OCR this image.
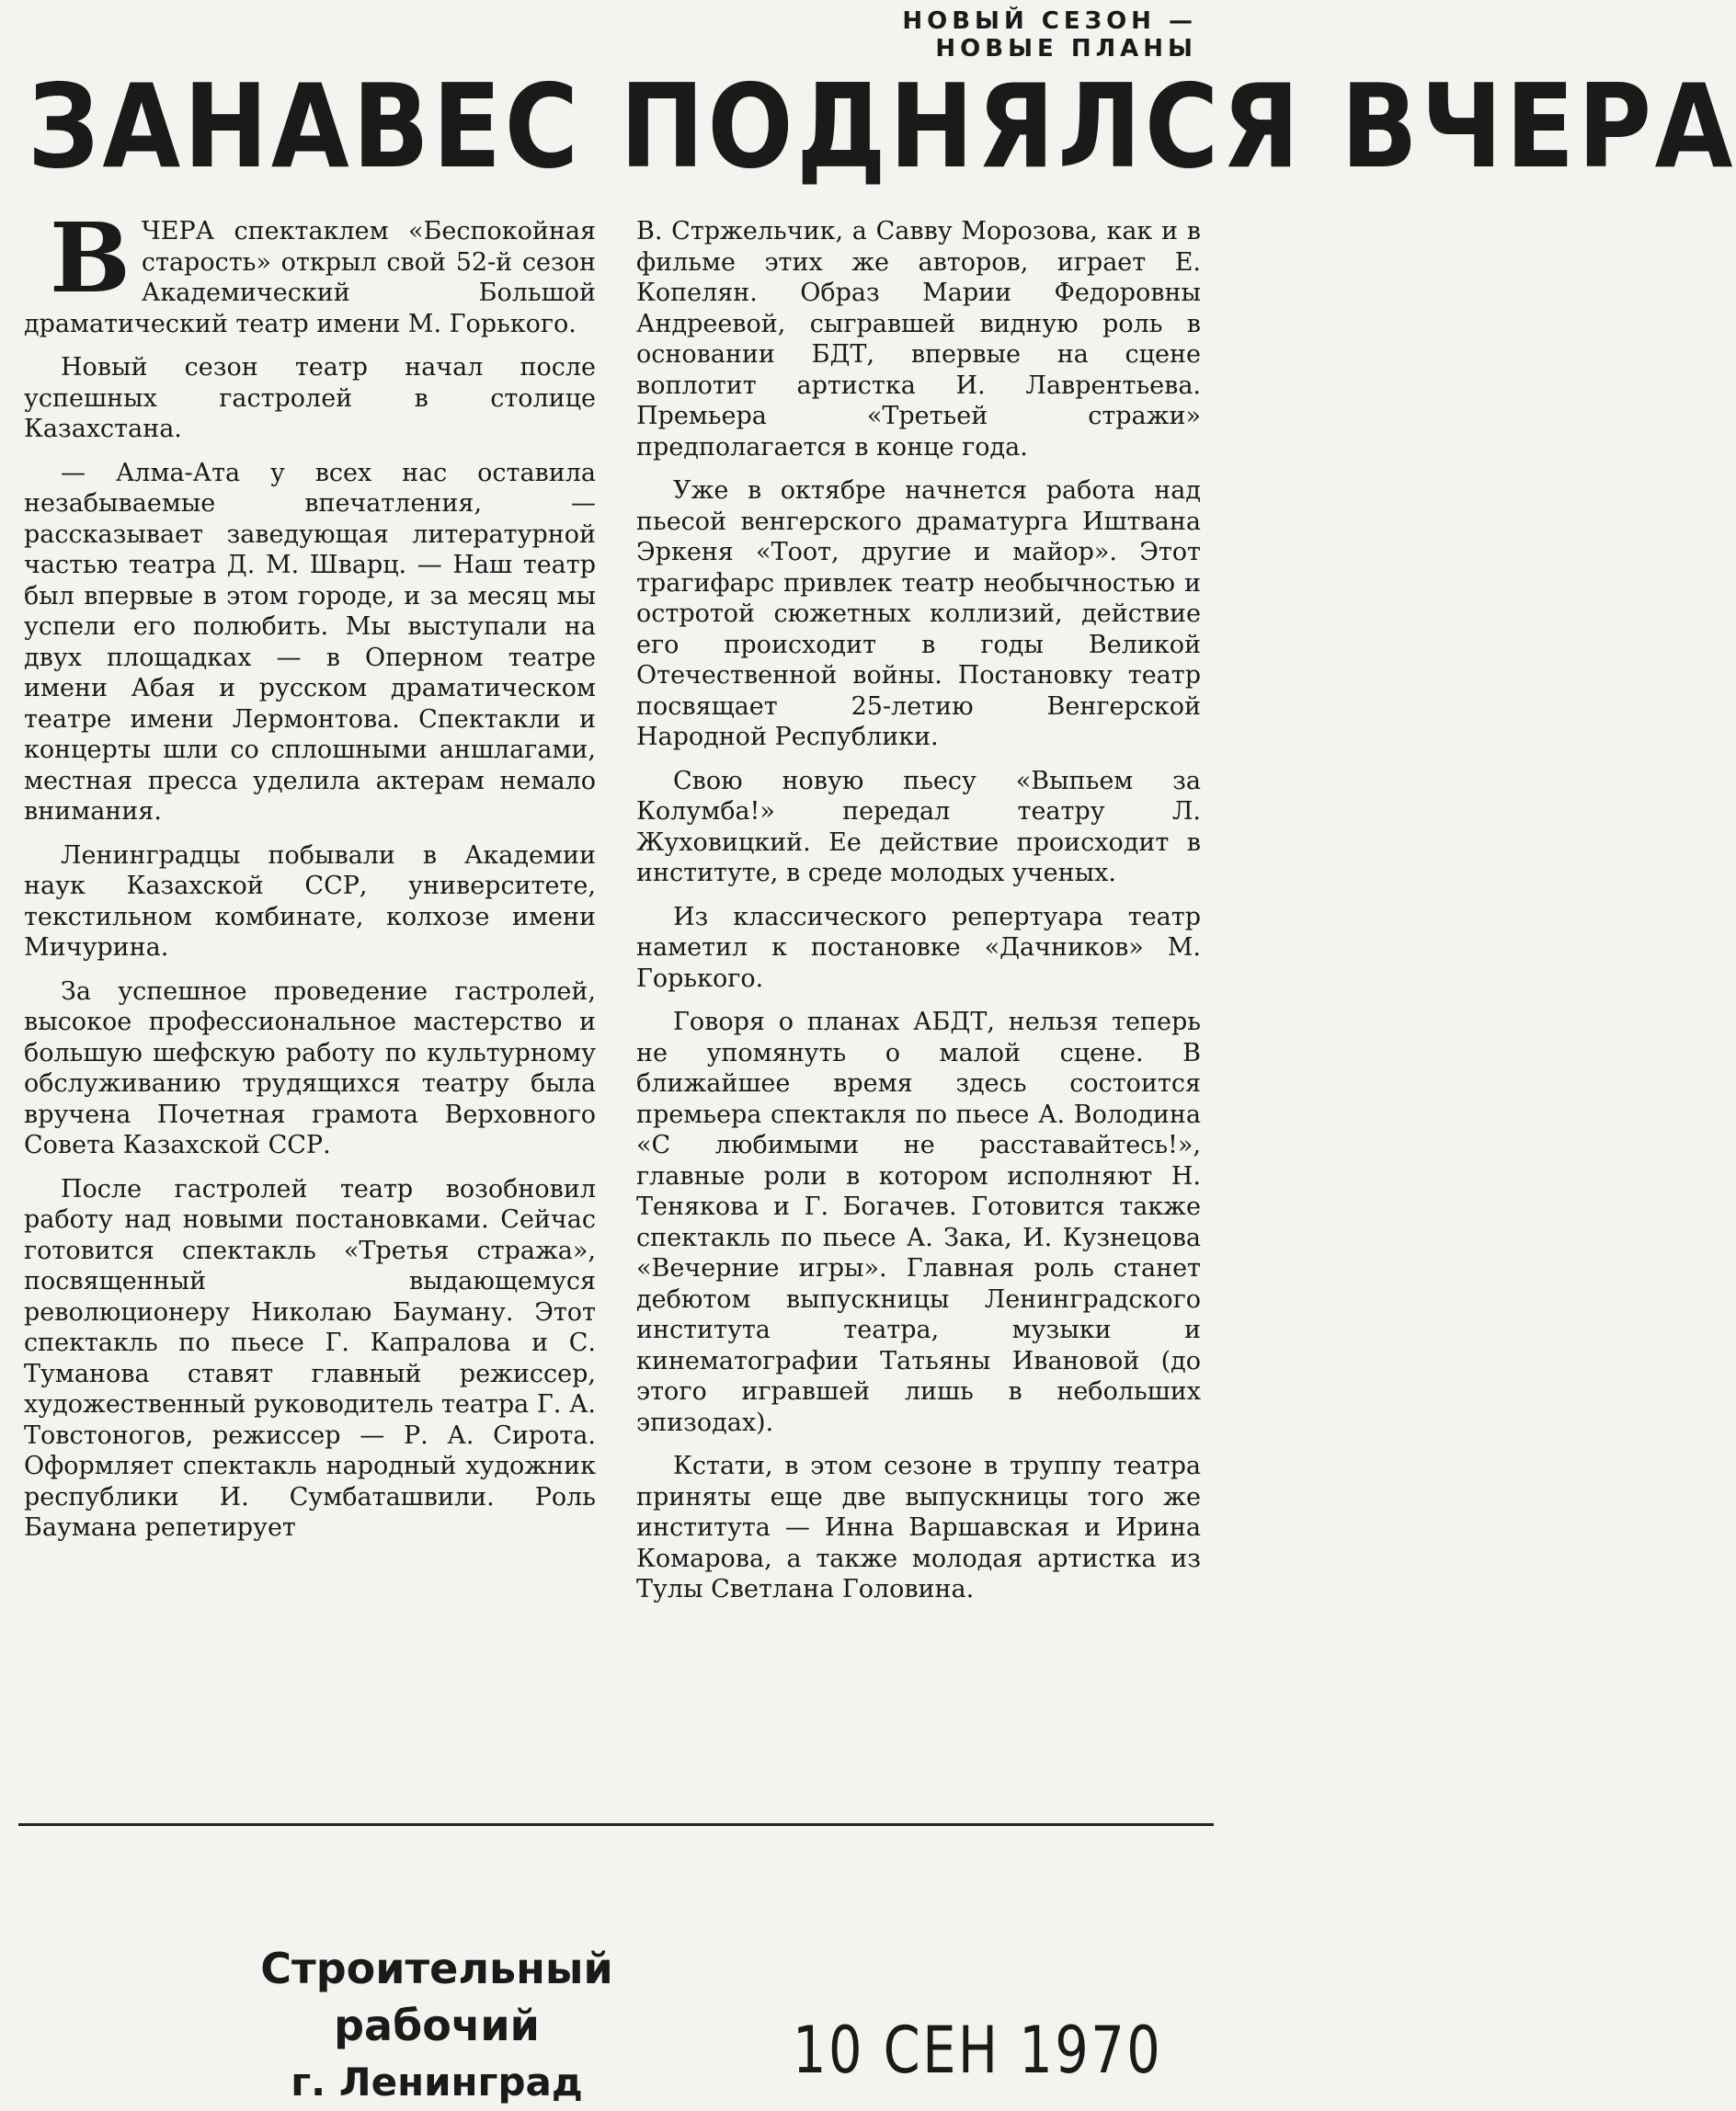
НОВЫЙ СЕЗОН —
НОВЫЕ ПЛАНЫ
ЗАНАВЕС ПОДНЯЛСЯ ВЧЕРА

ВЧЕРА спектаклем «Беспокойная старость» открыл свой 52-й сезон Академический Большой драматический театр имени М. Горького.

Новый сезон театр начал после успешных гастролей в столице Казахстана.

— Алма-Ата у всех нас оставила незабываемые впечатления, — рассказывает заведующая литературной частью театра Д. М. Шварц. — Наш театр был впервые в этом городе, и за месяц мы успели его полюбить. Мы выступали на двух площадках — в Оперном театре имени Абая и русском драматическом театре имени Лермонтова. Спектакли и концерты шли со сплошными аншлагами, местная пресса уделила актерам немало внимания.

Ленинградцы побывали в Академии наук Казахской ССР, университете, текстильном комбинате, колхозе имени Мичурина.

За успешное проведение гастролей, высокое профессиональное мастерство и большую шефскую работу по культурному обслуживанию трудящихся театру была вручена Почетная грамота Верховного Совета Казахской ССР.

После гастролей театр возобновил работу над новыми постановками. Сейчас готовится спектакль «Третья стража», посвященный выдающемуся революционеру Николаю Бауману. Этот спектакль по пьесе Г. Капралова и С. Туманова ставят главный режиссер, художественный руководитель театра Г. А. Товстоногов, режиссер — Р. А. Сирота. Оформляет спектакль народный художник республики И. Сумбаташвили. Роль Баумана репетирует

В. Стржельчик, а Савву Морозова, как и в фильме этих же авторов, играет Е. Копелян. Образ Марии Федоровны Андреевой, сыгравшей видную роль в основании БДТ, впервые на сцене воплотит артистка И. Лаврентьева. Премьера «Третьей стражи» предполагается в конце года.

Уже в октябре начнется работа над пьесой венгерского драматурга Иштвана Эркеня «Тоот, другие и майор». Этот трагифарс привлек театр необычностью и остротой сюжетных коллизий, действие его происходит в годы Великой Отечественной войны. Постановку театр посвящает 25-летию Венгерской Народной Республики.

Свою новую пьесу «Выпьем за Колумба!» передал театру Л. Жуховицкий. Ее действие происходит в институте, в среде молодых ученых.

Из классического репертуара театр наметил к постановке «Дачников» М. Горького.

Говоря о планах АБДТ, нельзя теперь не упомянуть о малой сцене. В ближайшее время здесь состоится премьера спектакля по пьесе А. Володина «С любимыми не расставайтесь!», главные роли в котором исполняют Н. Тенякова и Г. Богачев. Готовится также спектакль по пьесе А. Зака, И. Кузнецова «Вечерние игры». Главная роль станет дебютом выпускницы Ленинградского института театра, музыки и кинематографии Татьяны Ивановой (до этого игравшей лишь в небольших эпизодах).

Кстати, в этом сезоне в труппу театра приняты еще две выпускницы того же института — Инна Варшавская и Ирина Комарова, а также молодая артистка из Тулы Светлана Головина.

Строительный рабочий
г. Ленинград	10 СЕН 1970
